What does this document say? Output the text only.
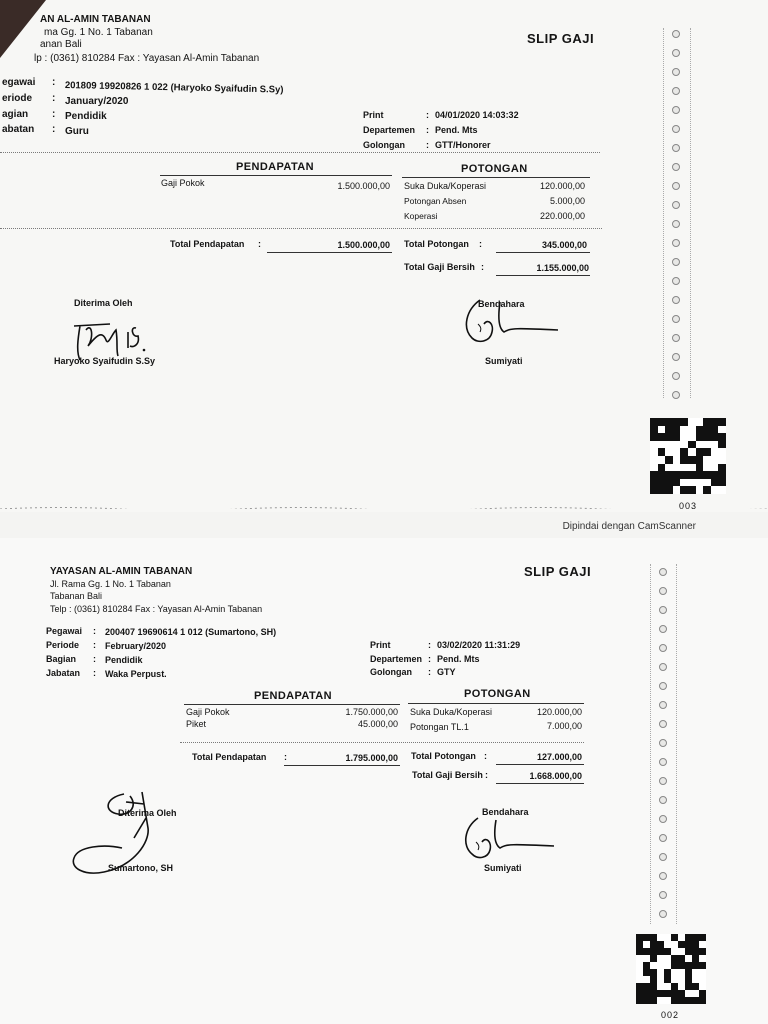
AN AL-AMIN TABANAN
ma Gg. 1 No. 1 Tabanan
anan Bali
lp : (0361) 810284 Fax : Yayasan Al-Amin Tabanan
SLIP GAJI
egawai : 201809 19920826 1 022 (Haryoko Syaifudin S.Sy)
eriode : January/2020
agian : Pendidik
abatan : Guru
Print	: 04/01/2020 14:03:32
Departemen : Pend. Mts
Golongan : GTT/Honorer
PENDAPATAN	POTONGAN
Gaji Pokok	1.500.000,00 Suka Duka/Koperasi	120.000,00
Potongan Absen	5.000,00
Koperasi	220.000,00
Total Pendapatan :	1.500.000,00 Total Potongan :	345.000,00
Total Gaji Bersih :	1.155.000,00
Diterima Oleh
Haryoko Syaifudin S.Sy
Bendahara
Sumiyati
003
Dipindai dengan CamScanner
YAYASAN AL-AMIN TABANAN
Jl. Rama Gg. 1 No. 1 Tabanan
Tabanan Bali
Telp : (0361) 810284 Fax : Yayasan Al-Amin Tabanan
SLIP GAJI
Pegawai : 200407 19690614 1 012 (Sumartono, SH)
Periode : February/2020
Bagian : Pendidik
Jabatan : Waka Perpust.
Print	: 03/02/2020 11:31:29
Departemen : Pend. Mts
Golongan : GTY
PENDAPATAN	POTONGAN
Gaji Pokok	1.750.000,00
Piket	45.000,00
Suka Duka/Koperasi	120.000,00
Potongan TL.1	7.000,00
Total Pendapatan :	1.795.000,00 Total Potongan :	127.000,00
Total Gaji Bersih :	1.668.000,00
Diterima Oleh
Sumartono, SH
Bendahara
Sumiyati
002
